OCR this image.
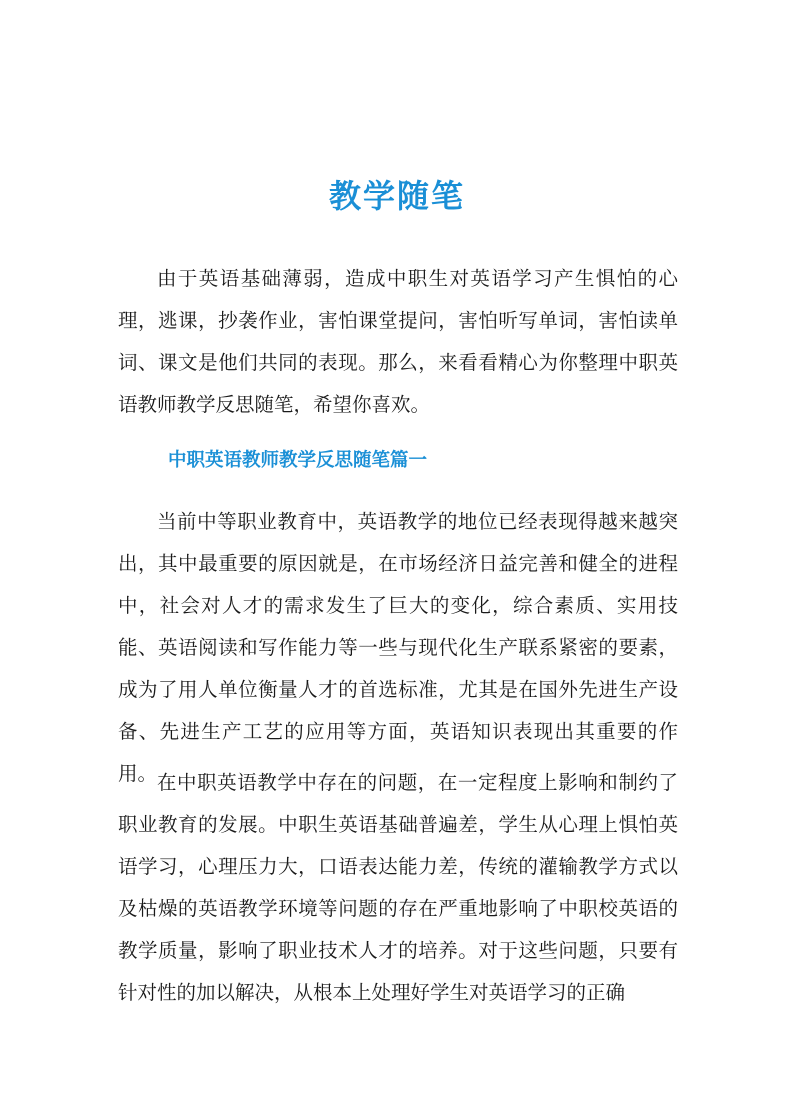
教学随笔

由于英语基础薄弱，造成中职生对英语学习产生惧怕的心理，逃课，抄袭作业，害怕课堂提问，害怕听写单词，害怕读单词、课文是他们共同的表现。那么，来看看精心为你整理中职英语教师教学反思随笔，希望你喜欢。

中职英语教师教学反思随笔篇一

当前中等职业教育中，英语教学的地位已经表现得越来越突出，其中最重要的原因就是，在市场经济日益完善和健全的进程中，社会对人才的需求发生了巨大的变化，综合素质、实用技能、英语阅读和写作能力等一些与现代化生产联系紧密的要素，成为了用人单位衡量人才的首选标准，尤其是在国外先进生产设备、先进生产工艺的应用等方面，英语知识表现出其重要的作用。 在中职英语教学中存在的问题，在一定程度上影响和制约了职业教育的发展。中职生英语基础普遍差，学生从心理上惧怕英语学习，心理压力大，口语表达能力差，传统的灌输教学方式以及枯燥的英语教学环境等问题的存在严重地影响了中职校英语的教学质量，影响了职业技术人才的培养。对于这些问题，只要有针对性的加以解决，从根本上处理好学生对英语学习的正确
